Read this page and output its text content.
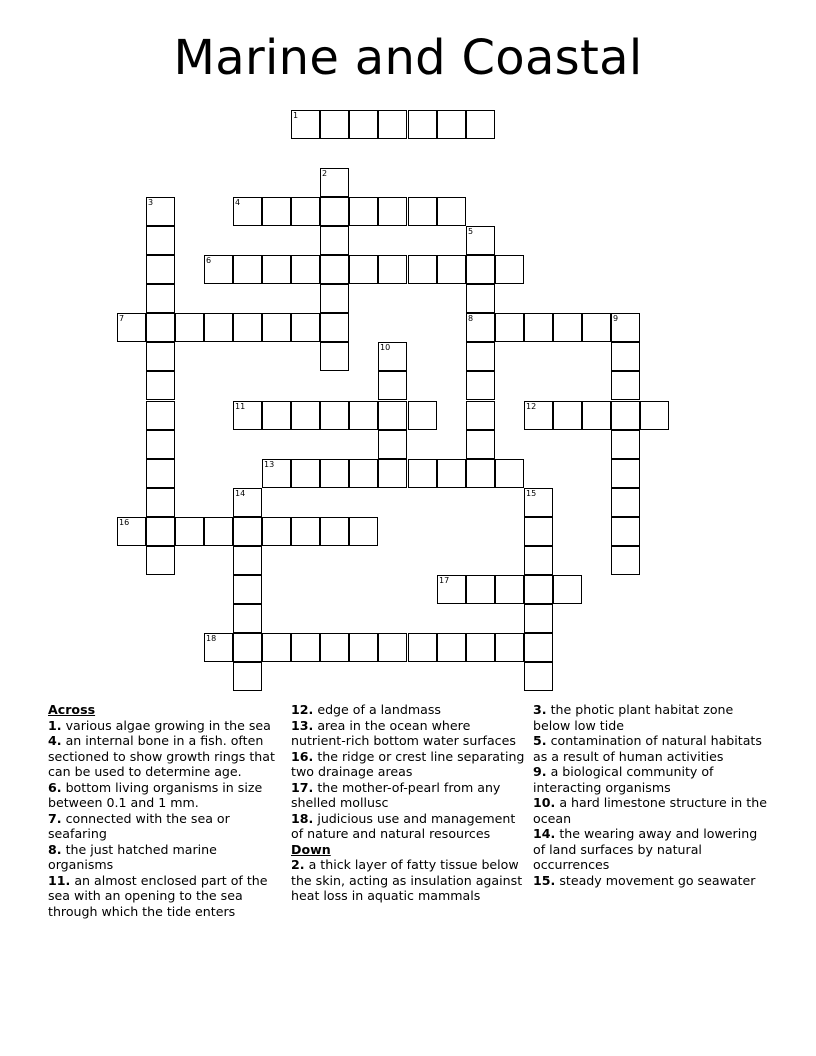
Marine and Coastal
1
2
3	4
5
8
6
7	9
10
11	12
13
14	15
16
17
18

Across

1. various algae growing in the sea

4. an internal bone in a fish. often sectioned to show growth rings that can be used to determine age.

6. bottom living organisms in size between 0.1 and 1 mm.

7. connected with the sea or seafaring

8. the just hatched marine organisms

11. an almost enclosed part of the sea with an opening to the sea through which the tide enters

12. edge of a landmass

13. area in the ocean where nutrient-rich bottom water surfaces

16. the ridge or crest line separating two drainage areas

17. the mother-of-pearl from any shelled mollusc

18. judicious use and management of nature and natural resources

Down

2. a thick layer of fatty tissue below the skin, acting as insulation against heat loss in aquatic mammals

3. the photic plant habitat zone below low tide

5. contamination of natural habitats as a result of human activities

9. a biological community of interacting organisms

10. a hard limestone structure in the ocean

14. the wearing away and lowering of land surfaces by natural occurrences

15. steady movement go seawater
